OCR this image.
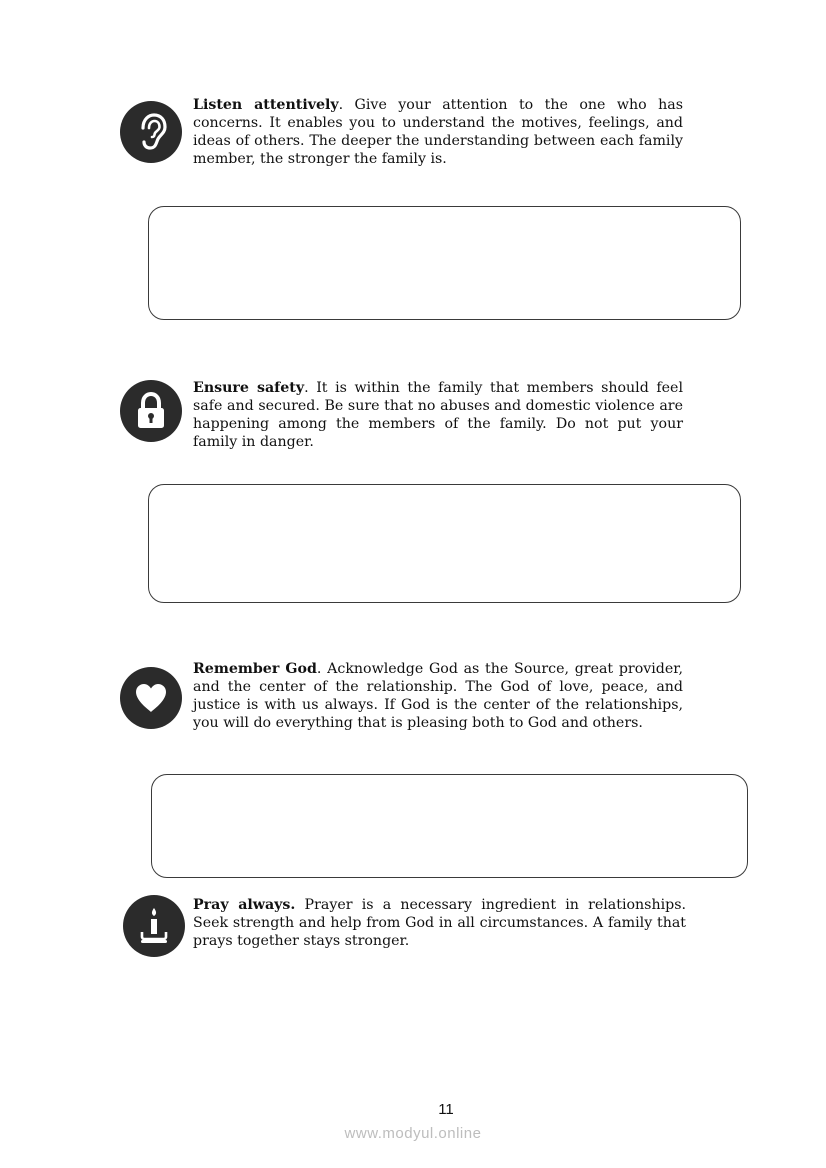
Listen attentively. Give your attention to the one who has concerns. It enables you to understand the motives, feelings, and ideas of others. The deeper the understanding between each family member, the stronger the family is.
Ensure safety. It is within the family that members should feel safe and secured. Be sure that no abuses and domestic violence are happening among the members of the family. Do not put your family in danger.
Remember God. Acknowledge God as the Source, great provider, and the center of the relationship. The God of love, peace, and justice is with us always. If God is the center of the relationships, you will do everything that is pleasing both to God and others.
Pray always. Prayer is a necessary ingredient in relationships. Seek strength and help from God in all circumstances. A family that prays together stays stronger.
11
www.modyul.online
